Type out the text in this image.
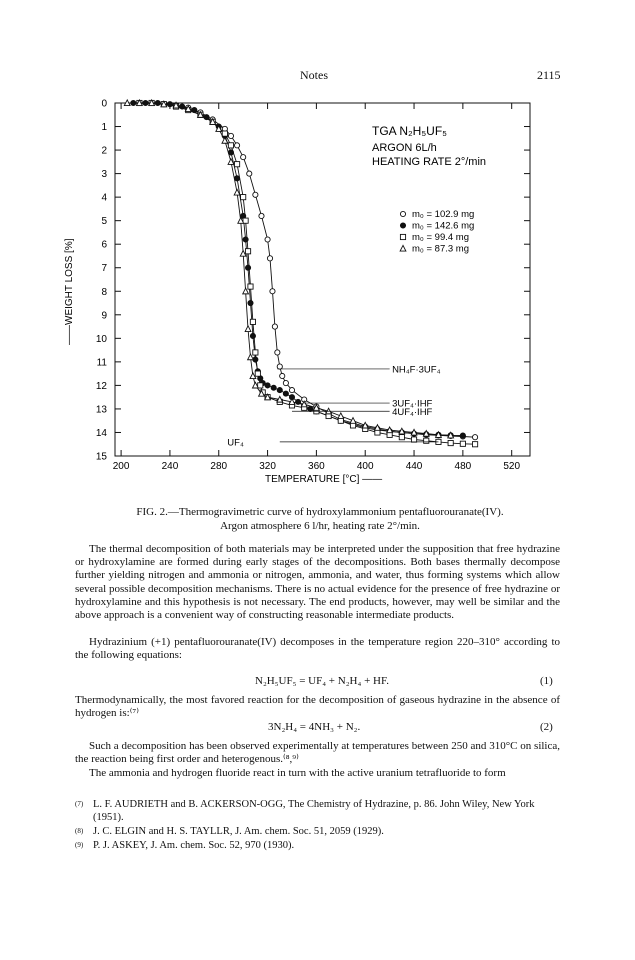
Notes	2115
200	240	280	320	360	400	440	480	520
0
1
2
3
4
5
6
7
8
9
10
11
12
13
14
15
NH₄F·3UF₄
3UF₄·IHF
4UF₄·IHF
UF₄
TGA N₂H₅UF₅
ARGON 6L/h
HEATING RATE 2°/min
m₀ = 102.9 mg
m₀ = 142.6 mg
m₀ = 99.4 mg
m₀ = 87.3 mg
TEMPERATURE [°C] ——
——WEIGHT LOSS [%]
FIG. 2.—Thermogravimetric curve of hydroxylammonium pentafluorouranate(IV).
Argon atmosphere 6 l/hr, heating rate 2°/min.
The thermal decomposition of both materials may be interpreted under the supposition that free hydrazine or hydroxylamine are formed during early stages of the decompositions. Both bases thermally decompose further yielding nitrogen and ammonia or nitrogen, ammonia, and water, thus forming systems which allow several possible decomposition mechanisms. There is no actual evidence for the presence of free hydrazine or hydroxylamine and this hypothesis is not necessary. The end products, however, may well be similar and the above approach is a convenient way of constructing reasonable intermediate products.
Hydrazinium (+1) pentafluorouranate(IV) decomposes in the temperature region 220–310° according to the following equations:
N₂H₅UF₅ = UF₄ + N₂H₄ + HF.	(1)
Thermodynamically, the most favored reaction for the decomposition of gaseous hydrazine in the absence of hydrogen is:⁽⁷⁾
3N₂H₄ = 4NH₃ + N₂.	(2)
Such a decomposition has been observed experimentally at temperatures between 250 and 310°C on silica, the reaction being first order and heterogenous.⁽⁸,⁹⁾
The ammonia and hydrogen fluoride react in turn with the active uranium tetrafluoride to form
(7) L. F. AUDRIETH and B. ACKERSON-OGG, The Chemistry of Hydrazine, p. 86. John Wiley, New York (1951).
(8) J. C. ELGIN and H. S. TAYLLR, J. Am. chem. Soc. 51, 2059 (1929).
(9) P. J. ASKEY, J. Am. chem. Soc. 52, 970 (1930).
